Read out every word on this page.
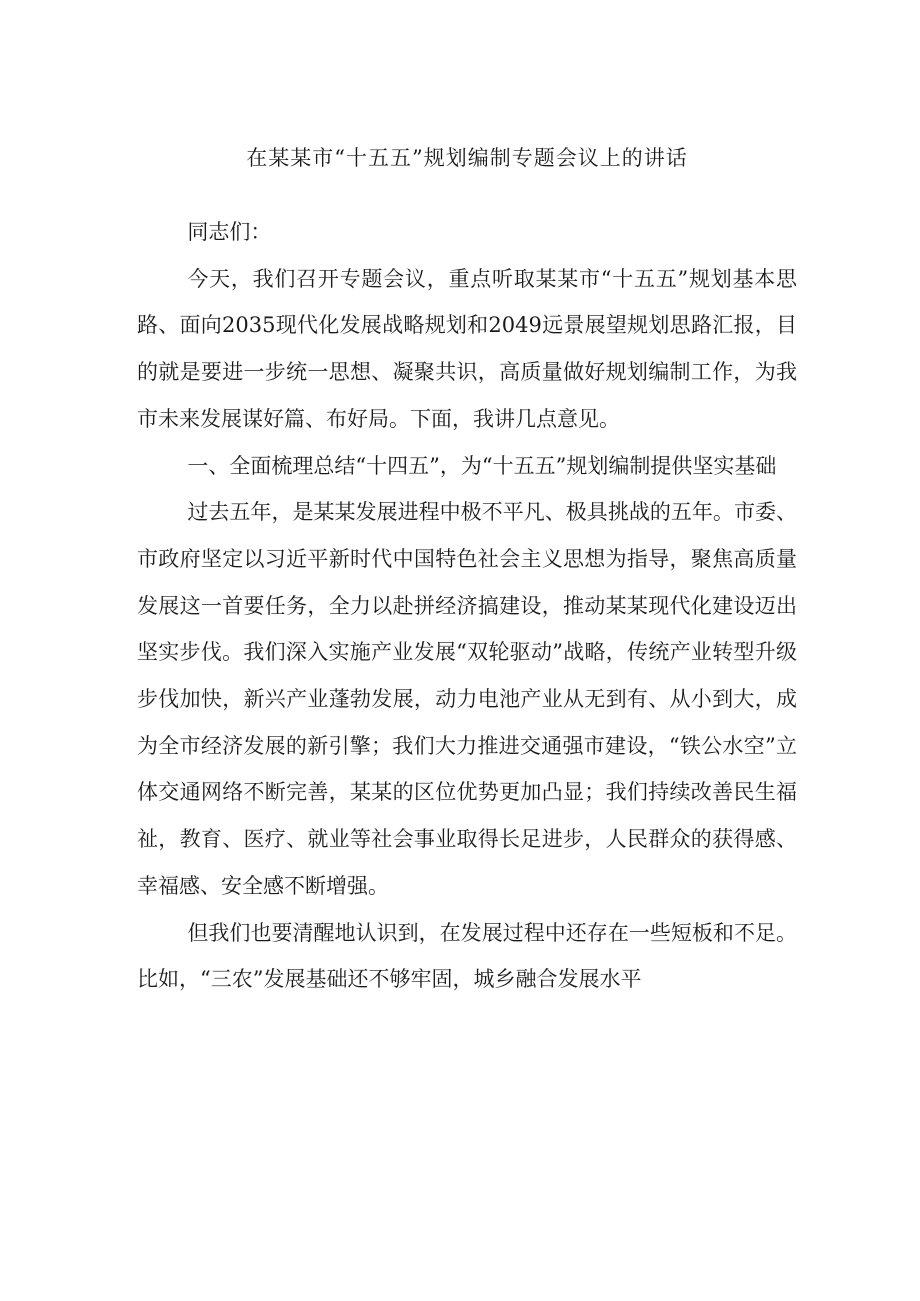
在某某市“十五五”规划编制专题会议上的讲话

同志们：

今天，我们召开专题会议，重点听取某某市“十五五”规划基本思路、面向2035现代化发展战略规划和2049远景展望规划思路汇报，目的就是要进一步统一思想、凝聚共识，高质量做好规划编制工作，为我市未来发展谋好篇、布好局。下面，我讲几点意见。

一、全面梳理总结“十四五”，为“十五五”规划编制提供坚实基础

过去五年，是某某发展进程中极不平凡、极具挑战的五年。市委、市政府坚定以习近平新时代中国特色社会主义思想为指导，聚焦高质量发展这一首要任务，全力以赴拼经济搞建设，推动某某现代化建设迈出坚实步伐。我们深入实施产业发展“双轮驱动”战略，传统产业转型升级步伐加快，新兴产业蓬勃发展，动力电池产业从无到有、从小到大，成为全市经济发展的新引擎；我们大力推进交通强市建设，“铁公水空”立体交通网络不断完善，某某的区位优势更加凸显；我们持续改善民生福祉，教育、医疗、就业等社会事业取得长足进步，人民群众的获得感、幸福感、安全感不断增强。

但我们也要清醒地认识到，在发展过程中还存在一些短板和不足。比如，“三农”发展基础还不够牢固，城乡融合发展水平
